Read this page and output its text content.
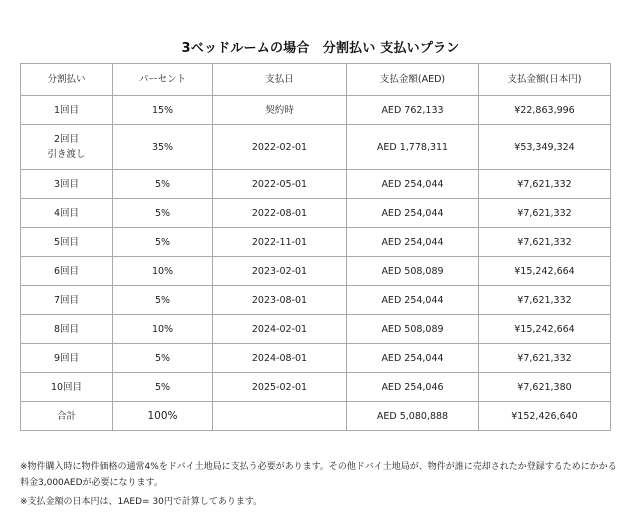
3ベッドルームの場合　分割払い 支払いプラン
分割払い	パーセント	支払日	支払金額(AED)	支払金額(日本円)

1回目	15%	契約時	AED 762,133	¥22,863,996

2回目
引き渡し	35%	2022-02-01	AED 1,778,311	¥53,349,324

3回目	5%	2022-05-01	AED 254,044	¥7,621,332

4回目	5%	2022-08-01	AED 254,044	¥7,621,332

5回目	5%	2022-11-01	AED 254,044	¥7,621,332

6回目	10%	2023-02-01	AED 508,089	¥15,242,664

7回目	5%	2023-08-01	AED 254,044	¥7,621,332

8回目	10%	2024-02-01	AED 508,089	¥15,242,664

9回目	5%	2024-08-01	AED 254,044	¥7,621,332

10回目	5%	2025-02-01	AED 254,046	¥7,621,380
合計	100%		AED 5,080,888	¥152,426,640

※物件購入時に物件価格の通常4%をドバイ土地局に支払う必要があります。その他ドバイ土地局が、物件が誰に売却されたか登録するためにかかる料金3,000AEDが必要になります。

※支払金額の日本円は、1AED= 30円で計算してあります。
